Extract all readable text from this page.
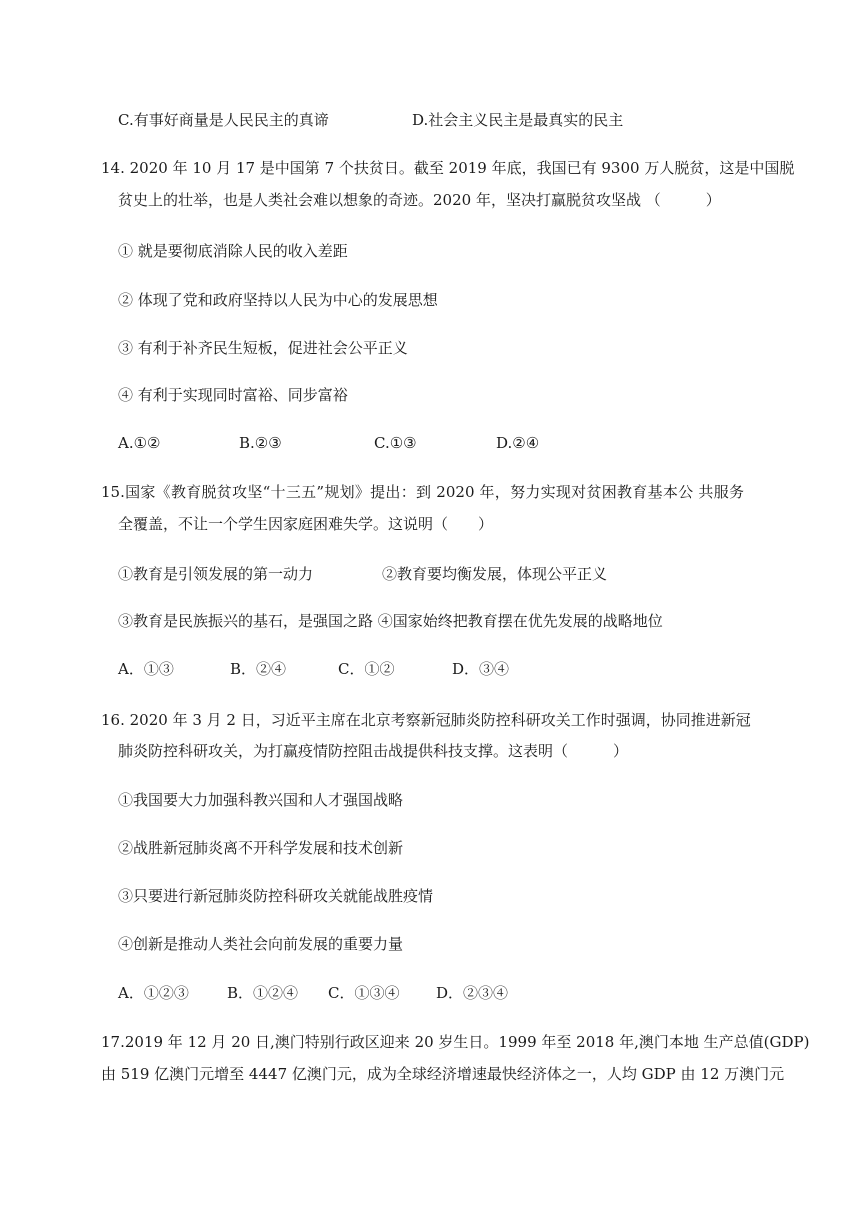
C.有事好商量是人民民主的真谛	D.社会主义民主是最真实的民主
14. 2020 年 10 月 17 是中国第 7 个扶贫日。截至 2019 年底，我国已有 9300 万人脱贫，这是中国脱
贫史上的壮举，也是人类社会难以想象的奇迹。2020 年，坚决打赢脱贫攻坚战 （　　　）
① 就是要彻底消除人民的收入差距
② 体现了党和政府坚持以人民为中心的发展思想
③ 有利于补齐民生短板，促进社会公平正义
④ 有利于实现同时富裕、同步富裕
A.①②	B.②③	C.①③	D.②④
15.国家《教育脱贫攻坚“十三五”规划》提出：到 2020 年，努力实现对贫困教育基本公 共服务
全覆盖，不让一个学生因家庭困难失学。这说明（　　）
①教育是引领发展的第一动力	②教育要均衡发展，体现公平正义
③教育是民族振兴的基石，是强国之路 ④国家始终把教育摆在优先发展的战略地位
A．①③	B．②④	C．①②	D．③④
16. 2020 年 3 月 2 日，习近平主席在北京考察新冠肺炎防控科研攻关工作时强调，协同推进新冠
肺炎防控科研攻关，为打赢疫情防控阻击战提供科技支撑。这表明（　　　）
①我国要大力加强科教兴国和人才强国战略
②战胜新冠肺炎离不开科学发展和技术创新
③只要进行新冠肺炎防控科研攻关就能战胜疫情
④创新是推动人类社会向前发展的重要力量
A．①②③	B．①②④ C．①③④ D．②③④
17.2019 年 12 月 20 日,澳门特别行政区迎来 20 岁生日。1999 年至 2018 年,澳门本地 生产总值(GDP)
由 519 亿澳门元增至 4447 亿澳门元，成为全球经济增速最快经济体之一，人均 GDP 由 12 万澳门元
